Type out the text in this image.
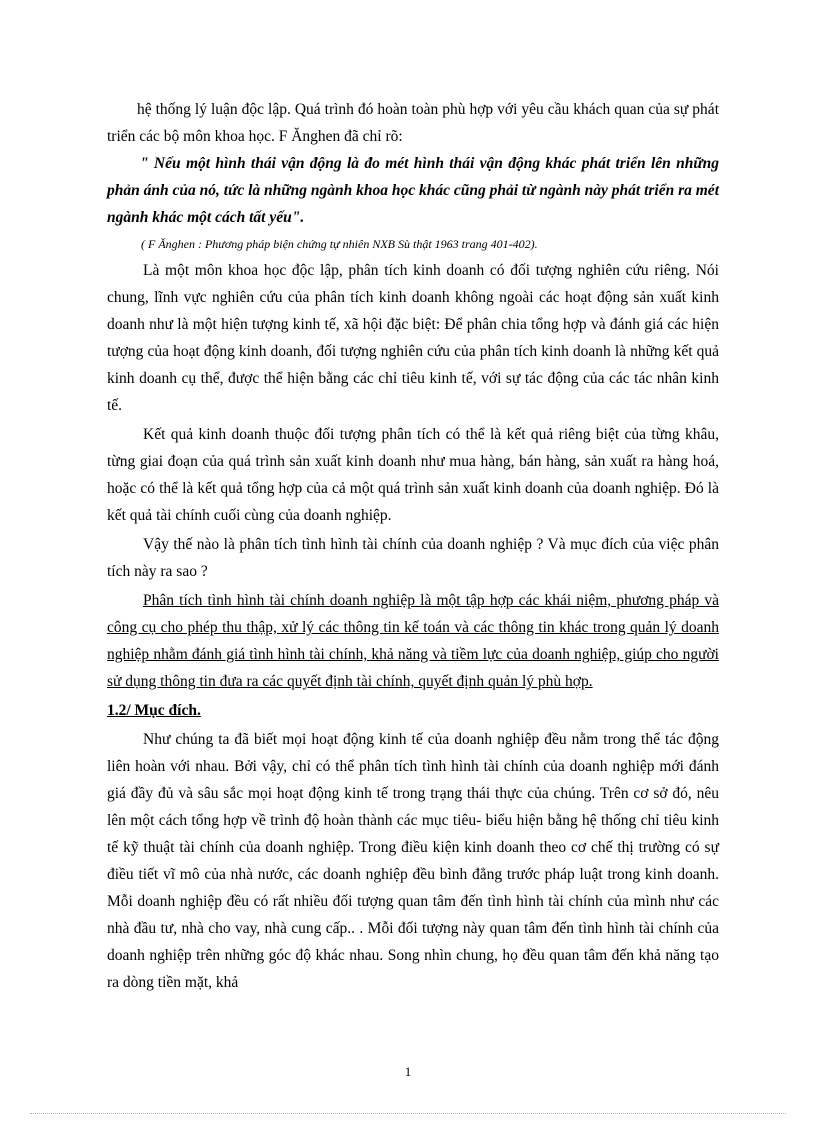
hệ thống lý luận độc lập. Quá trình đó hoàn toàn phù hợp với yêu cầu khách quan của sự phát triển các bộ môn khoa học. F Ănghen đã chỉ rõ:

" Nếu một hình thái vận động là đo mét hình thái vận động khác phát triển lên những phản ánh của nó, tức là những ngành khoa học khác cũng phải từ ngành này phát triển ra mét ngành khác một cách tất yếu".

( F Ănghen : Phương pháp biện chứng tự nhiên NXB Sù thật 1963 trang 401-402).

Là một môn khoa học độc lập, phân tích kinh doanh có đối tượng nghiên cứu riêng. Nói chung, lĩnh vực nghiên cứu của phân tích kinh doanh không ngoài các hoạt động sản xuất kinh doanh như là một hiện tượng kinh tế, xã hội đặc biệt: Để phân chia tổng hợp và đánh giá các hiện tượng của hoạt động kinh doanh, đối tượng nghiên cứu của phân tích kinh doanh là những kết quả kinh doanh cụ thể, được thể hiện bằng các chỉ tiêu kinh tế, với sự tác động của các tác nhân kinh tế.

Kết quả kinh doanh thuộc đối tượng phân tích có thể là kết quả riêng biệt của từng khâu, từng giai đoạn của quá trình sản xuất kinh doanh như mua hàng, bán hàng, sản xuất ra hàng hoá, hoặc có thể là kết quả tổng hợp của cả một quá trình sản xuất kinh doanh của doanh nghiệp. Đó là kết quả tài chính cuối cùng của doanh nghiệp.

Vậy thế nào là phân tích tình hình tài chính của doanh nghiệp ? Và mục đích của việc phân tích này ra sao ?

Phân tích tình hình tài chính doanh nghiệp là một tập hợp các khái niệm, phương pháp và công cụ cho phép thu thập, xử lý các thông tin kế toán và các thông tin khác trong quản lý doanh nghiệp nhằm đánh giá tình hình tài chính, khả năng và tiềm lực của doanh nghiệp, giúp cho người sử dụng thông tin đưa ra các quyết định tài chính, quyết định quản lý phù hợp.

1.2/ Mục đích.

Như chúng ta đã biết mọi hoạt động kinh tế của doanh nghiệp đều nằm trong thể tác động liên hoàn với nhau. Bởi vậy, chỉ có thể phân tích tình hình tài chính của doanh nghiệp mới đánh giá đầy đủ và sâu sắc mọi hoạt động kinh tế trong trạng thái thực của chúng. Trên cơ sở đó, nêu lên một cách tổng hợp về trình độ hoàn thành các mục tiêu- biểu hiện bằng hệ thống chỉ tiêu kinh tế kỹ thuật tài chính của doanh nghiệp. Trong điều kiện kinh doanh theo cơ chế thị trường có sự điều tiết vĩ mô của nhà nước, các doanh nghiệp đều bình đẳng trước pháp luật trong kinh doanh. Mỗi doanh nghiệp đều có rất nhiều đối tượng quan tâm đến tình hình tài chính của mình như các nhà đầu tư, nhà cho vay, nhà cung cấp.. . Mỗi đối tượng này quan tâm đến tình hình tài chính của doanh nghiệp trên những góc độ khác nhau. Song nhìn chung, họ đều quan tâm đến khả năng tạo ra dòng tiền mặt, khả

1
